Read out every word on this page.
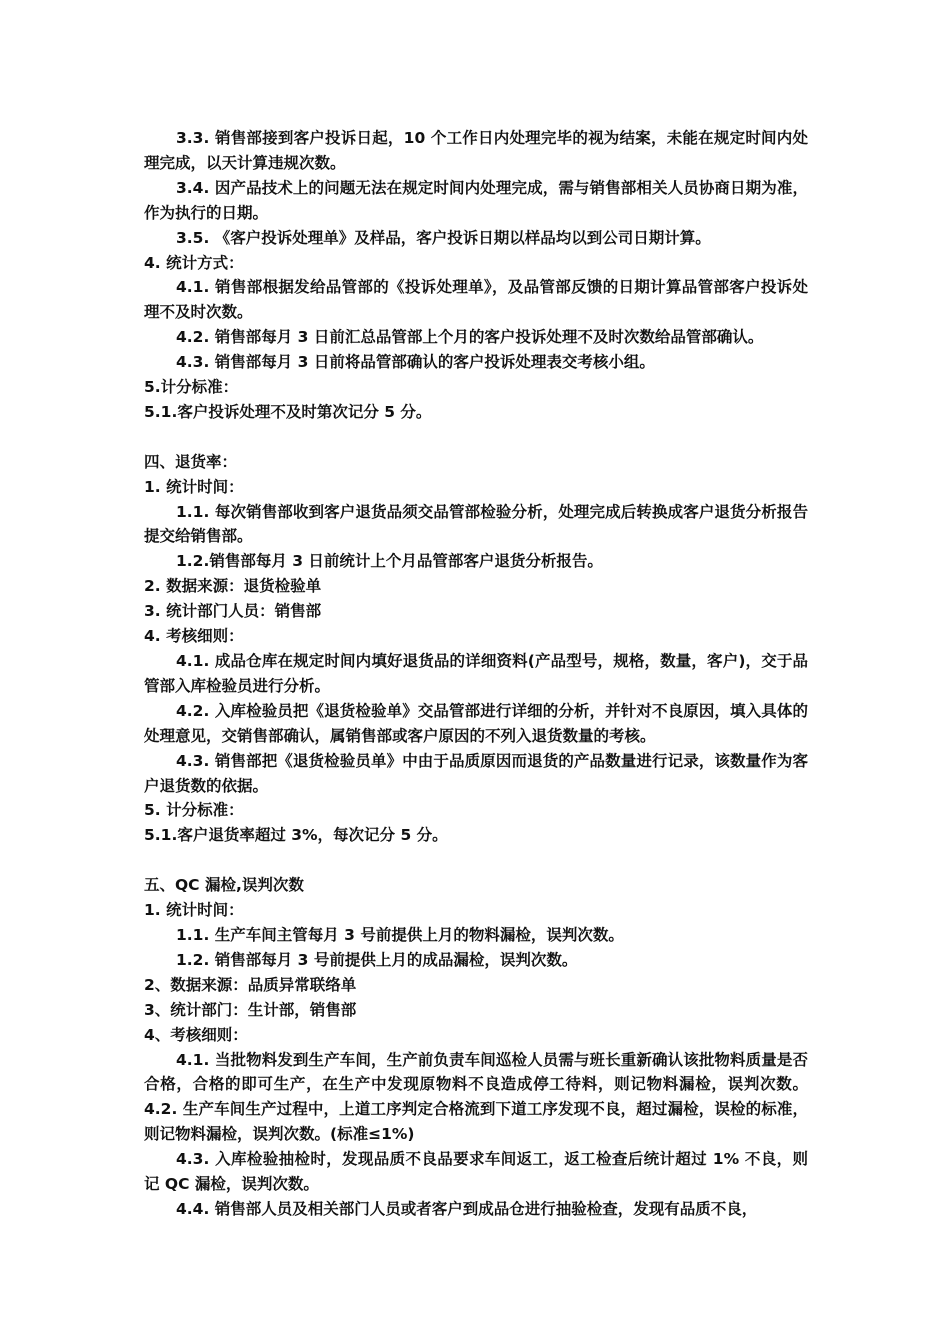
3.3. 销售部接到客户投诉日起，10 个工作日内处理完毕的视为结案，未能在规定时间内处理完成，以天计算违规次数。

3.4. 因产品技术上的问题无法在规定时间内处理完成，需与销售部相关人员协商日期为准，作为执行的日期。

3.5. 《客户投诉处理单》及样品，客户投诉日期以样品均以到公司日期计算。

4. 统计方式：

4.1. 销售部根据发给品管部的《投诉处理单》，及品管部反馈的日期计算品管部客户投诉处理不及时次数。

4.2. 销售部每月 3 日前汇总品管部上个月的客户投诉处理不及时次数给品管部确认。

4.3. 销售部每月 3 日前将品管部确认的客户投诉处理表交考核小组。

5.计分标准：

5.1.客户投诉处理不及时第次记分 5 分。

四、退货率：

1. 统计时间：

1.1. 每次销售部收到客户退货品须交品管部检验分析，处理完成后转换成客户退货分析报告提交给销售部。

1.2.销售部每月 3 日前统计上个月品管部客户退货分析报告。

2. 数据来源：退货检验单

3. 统计部门人员：销售部

4. 考核细则：

4.1. 成品仓库在规定时间内填好退货品的详细资料(产品型号，规格，数量，客户)，交于品管部入库检验员进行分析。

4.2. 入库检验员把《退货检验单》交品管部进行详细的分析，并针对不良原因，填入具体的处理意见，交销售部确认，属销售部或客户原因的不列入退货数量的考核。

4.3. 销售部把《退货检验员单》中由于品质原因而退货的产品数量进行记录，该数量作为客户退货数的依据。

5. 计分标准：

5.1.客户退货率超过 3%，每次记分 5 分。

五、QC 漏检,误判次数

1. 统计时间：

1.1. 生产车间主管每月 3 号前提供上月的物料漏检，误判次数。

1.2. 销售部每月 3 号前提供上月的成品漏检，误判次数。

2、数据来源：品质异常联络单

3、统计部门：生计部，销售部

4、考核细则：

4.1. 当批物料发到生产车间，生产前负责车间巡检人员需与班长重新确认该批物料质量是否合格，合格的即可生产，在生产中发现原物料不良造成停工待料，则记物料漏检，误判次数。4.2. 生产车间生产过程中，上道工序判定合格流到下道工序发现不良，超过漏检，误检的标准，则记物料漏检，误判次数。(标准≤1%)

4.3. 入库检验抽检时，发现品质不良品要求车间返工，返工检查后统计超过 1% 不良，则记 QC 漏检，误判次数。

4.4. 销售部人员及相关部门人员或者客户到成品仓进行抽验检查，发现有品质不良，
